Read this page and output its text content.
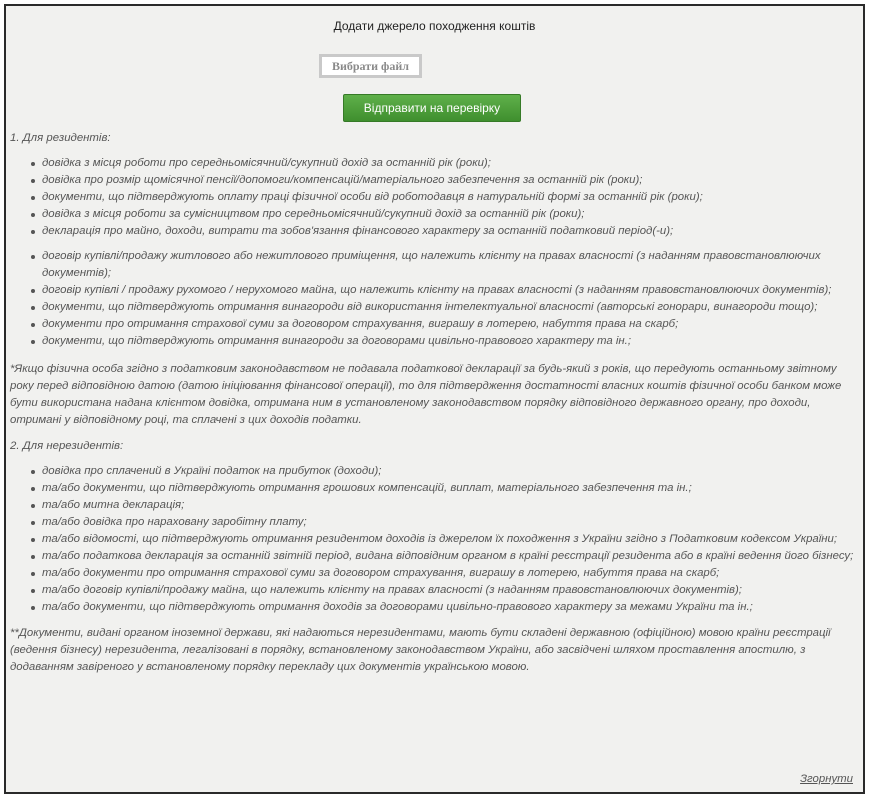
Додати джерело походження коштів
Вибрати файл
Відправити на перевірку
1. Для резидентів:
довідка з місця роботи про середньомісячний/сукупний дохід за останній рік (роки);
довідка про розмір щомісячної пенсії/допомоги/компенсацій/матеріального забезпечення за останній рік (роки);
документи, що підтверджують оплату праці фізичної особи від роботодавця в натуральній формі за останній рік (роки);
довідка з місця роботи за сумісництвом про середньомісячний/сукупний дохід за останній рік (роки);
декларація про майно, доходи, витрати та зобов'язання фінансового характеру за останній податковий період(-и);
договір купівлі/продажу житлового або нежитлового приміщення, що належить клієнту на правах власності (з наданням правовстановлюючих документів);
договір купівлі / продажу рухомого / нерухомого майна, що належить клієнту на правах власності (з наданням правовстановлюючих документів);
документи, що підтверджують отримання винагороди від використання інтелектуальної власності (авторські гонорари, винагороди тощо);
документи про отримання страхової суми за договором страхування, виграшу в лотерею, набуття права на скарб;
документи, що підтверджують отримання винагороди за договорами цивільно-правового характеру та ін.;
*Якщо фізична особа згідно з податковим законодавством не подавала податкової декларації за будь-який з років, що передують останньому звітному року перед відповідною датою (датою ініціювання фінансової операції), то для підтвердження достатності власних коштів фізичної особи банком може бути використана надана клієнтом довідка, отримана ним в установленому законодавством порядку відповідного державного органу, про доходи, отримані у відповідному році, та сплачені з цих доходів податки.
2. Для нерезидентів:
довідка про сплачений в Україні податок на прибуток (доходи);
та/або документи, що підтверджують отримання грошових компенсацій, виплат, матеріального забезпечення та ін.;
та/або митна декларація;
та/або довідка про нараховану заробітну плату;
та/або відомості, що підтверджують отримання резидентом доходів із джерелом їх походження з України згідно з Податковим кодексом України;
та/або податкова декларація за останній звітній період, видана відповідним органом в країні реєстрації резидента або в країні ведення його бізнесу;
та/або документи про отримання страхової суми за договором страхування, виграшу в лотерею, набуття права на скарб;
та/або договір купівлі/продажу майна, що належить клієнту на правах власності (з наданням правовстановлюючих документів);
та/або документи, що підтверджують отримання доходів за договорами цивільно-правового характеру за межами України та ін.;
**Документи, видані органом іноземної держави, які надаються нерезидентами, мають бути складені державною (офіційною) мовою країни реєстрації (ведення бізнесу) нерезидента, легалізовані в порядку, встановленому законодавством України, або засвідчені шляхом проставлення апостилю, з додаванням завіреного у встановленому порядку перекладу цих документів українською мовою.
Згорнути
